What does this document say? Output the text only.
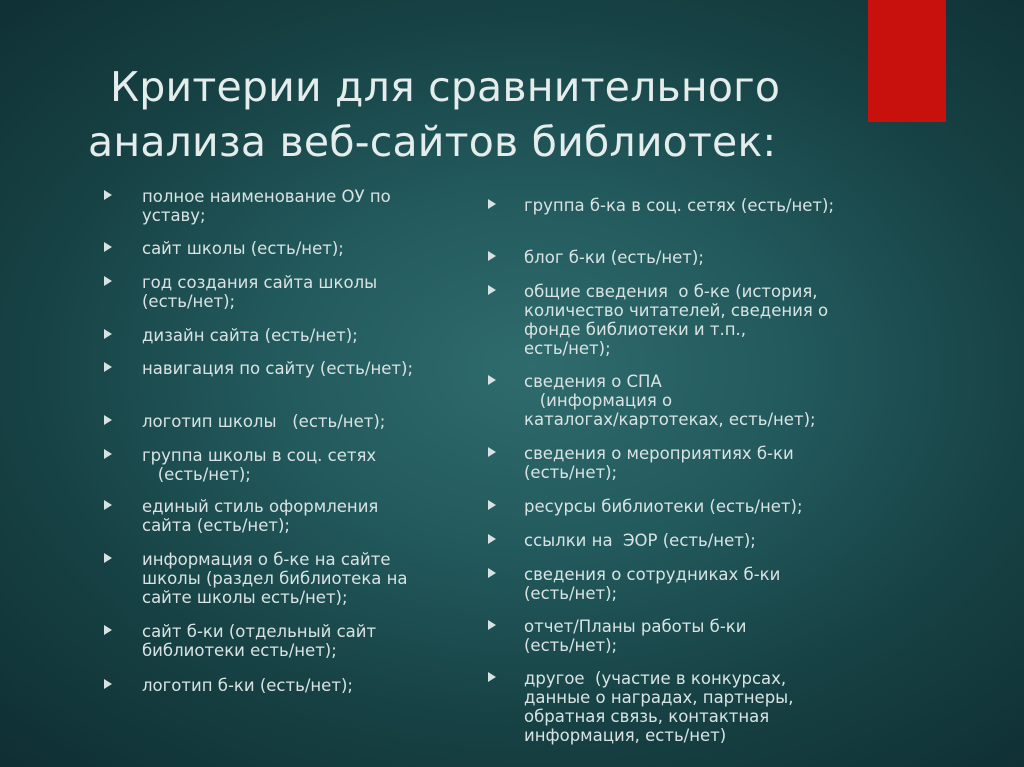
Критерии для сравнительного
анализа веб-сайтов библиотек:
полное наименование ОУ по
уставу;
сайт школы (есть/нет);
год создания сайта школы
(есть/нет);
дизайн сайта (есть/нет);
навигация по сайту (есть/нет);
логотип школы   (есть/нет);
группа школы в соц. сетях
(есть/нет);
единый стиль оформления
сайта (есть/нет);
информация о б-ке на сайте
школы (раздел библиотека на
сайте школы есть/нет);
сайт б-ки (отдельный сайт
библиотеки есть/нет);
логотип б-ки (есть/нет);
группа б-ка в соц. сетях (есть/нет);
блог б-ки (есть/нет);
общие сведения  о б-ке (история,
количество читателей, сведения о
фонде библиотеки и т.п.,
есть/нет);
сведения о СПА
(информация о
каталогах/картотеках, есть/нет);
сведения о мероприятиях б-ки
(есть/нет);
ресурсы библиотеки (есть/нет);
ссылки на  ЭОР (есть/нет);
сведения о сотрудниках б-ки
(есть/нет);
отчет/Планы работы б-ки
(есть/нет);
другое  (участие в конкурсах,
данные о наградах, партнеры,
обратная связь, контактная
информация, есть/нет)
